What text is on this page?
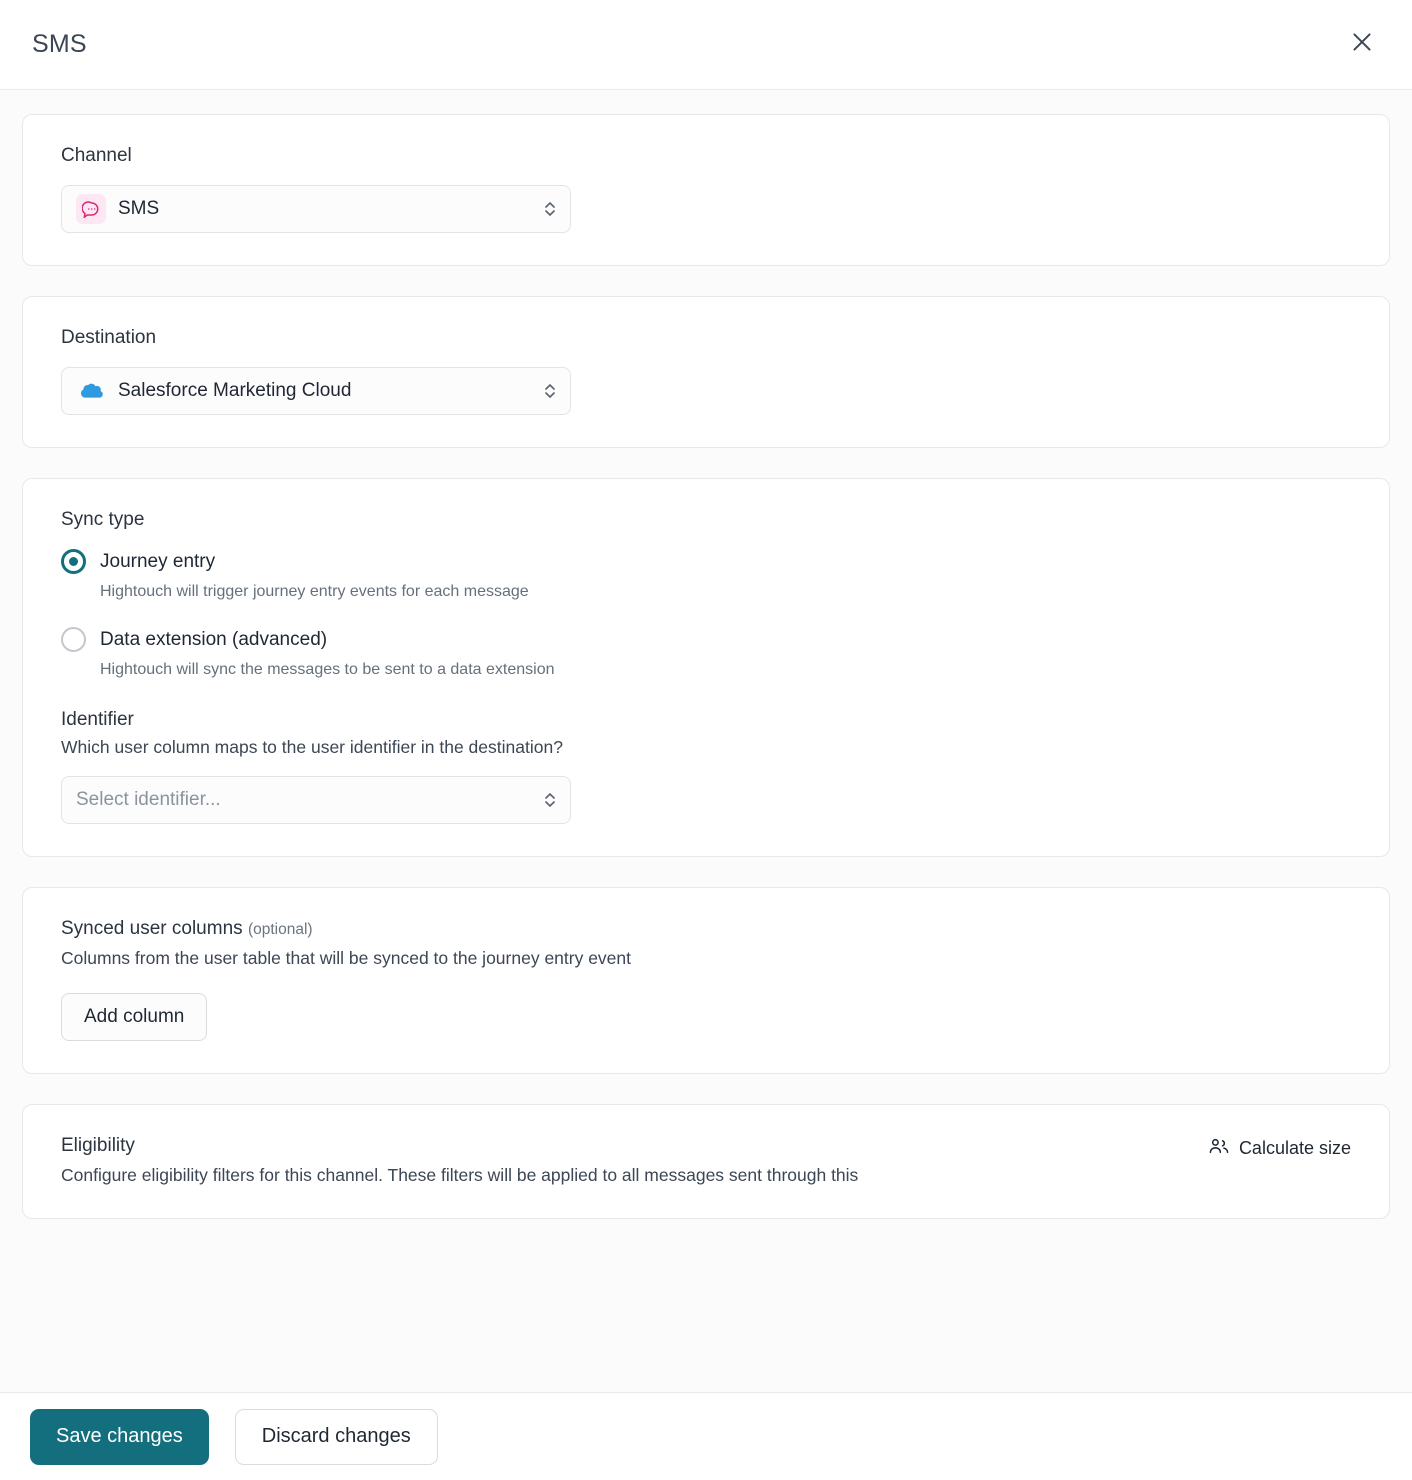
SMS
Channel
SMS
Destination
Salesforce Marketing Cloud
Sync type
Journey entry
Hightouch will trigger journey entry events for each message
Data extension (advanced)
Hightouch will sync the messages to be sent to a data extension
Identifier
Which user column maps to the user identifier in the destination?
Select identifier...
Synced user columns (optional)
Columns from the user table that will be synced to the journey entry event
Add column
Eligibility
Configure eligibility filters for this channel. These filters will be applied to all messages sent through this
Calculate size
Save changes	Discard changes
